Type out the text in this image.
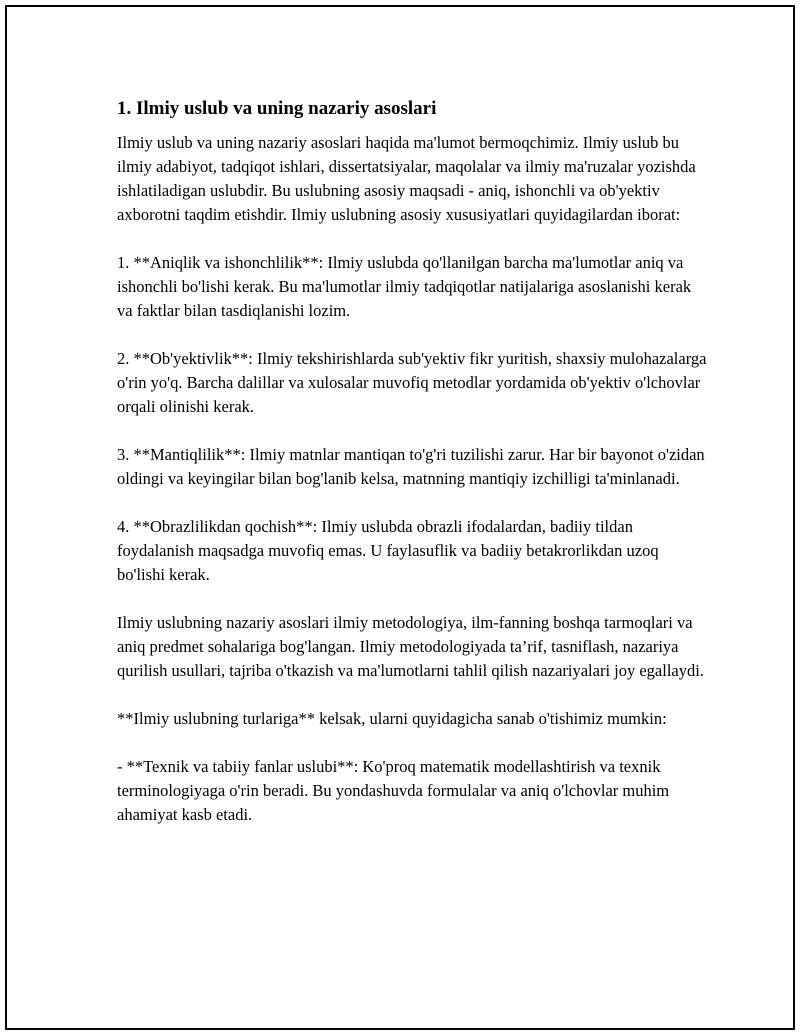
1. Ilmiy uslub va uning nazariy asoslari

Ilmiy uslub va uning nazariy asoslari haqida ma'lumot bermoqchimiz. Ilmiy uslub bu ilmiy adabiyot, tadqiqot ishlari, dissertatsiyalar, maqolalar va ilmiy ma'ruzalar yozishda ishlatiladigan uslubdir. Bu uslubning asosiy maqsadi - aniq, ishonchli va ob'yektiv axborotni taqdim etishdir. Ilmiy uslubning asosiy xususiyatlari quyidagilardan iborat:

1. **Aniqlik va ishonchlilik**: Ilmiy uslubda qo'llanilgan barcha ma'lumotlar aniq va ishonchli bo'lishi kerak. Bu ma'lumotlar ilmiy tadqiqotlar natijalariga asoslanishi kerak va faktlar bilan tasdiqlanishi lozim.

2. **Ob'yektivlik**: Ilmiy tekshirishlarda sub'yektiv fikr yuritish, shaxsiy mulohazalarga o'rin yo'q. Barcha dalillar va xulosalar muvofiq metodlar yordamida ob'yektiv o'lchovlar orqali olinishi kerak.

3. **Mantiqlilik**: Ilmiy matnlar mantiqan to'g'ri tuzilishi zarur. Har bir bayonot o'zidan oldingi va keyingilar bilan bog'lanib kelsa, matnning mantiqiy izchilligi ta'minlanadi.

4. **Obrazlilikdan qochish**: Ilmiy uslubda obrazli ifodalardan, badiiy tildan foydalanish maqsadga muvofiq emas. U faylasuflik va badiiy betakrorlikdan uzoq bo'lishi kerak.

Ilmiy uslubning nazariy asoslari ilmiy metodologiya, ilm-fanning boshqa tarmoqlari va aniq predmet sohalariga bog'langan. Ilmiy metodologiyada ta’rif, tasniflash, nazariya qurilish usullari, tajriba o'tkazish va ma'lumotlarni tahlil qilish nazariyalari joy egallaydi.

**Ilmiy uslubning turlariga** kelsak, ularni quyidagicha sanab o'tishimiz mumkin:

- **Texnik va tabiiy fanlar uslubi**: Ko'proq matematik modellashtirish va texnik terminologiyaga o'rin beradi. Bu yondashuvda formulalar va aniq o'lchovlar muhim ahamiyat kasb etadi.
